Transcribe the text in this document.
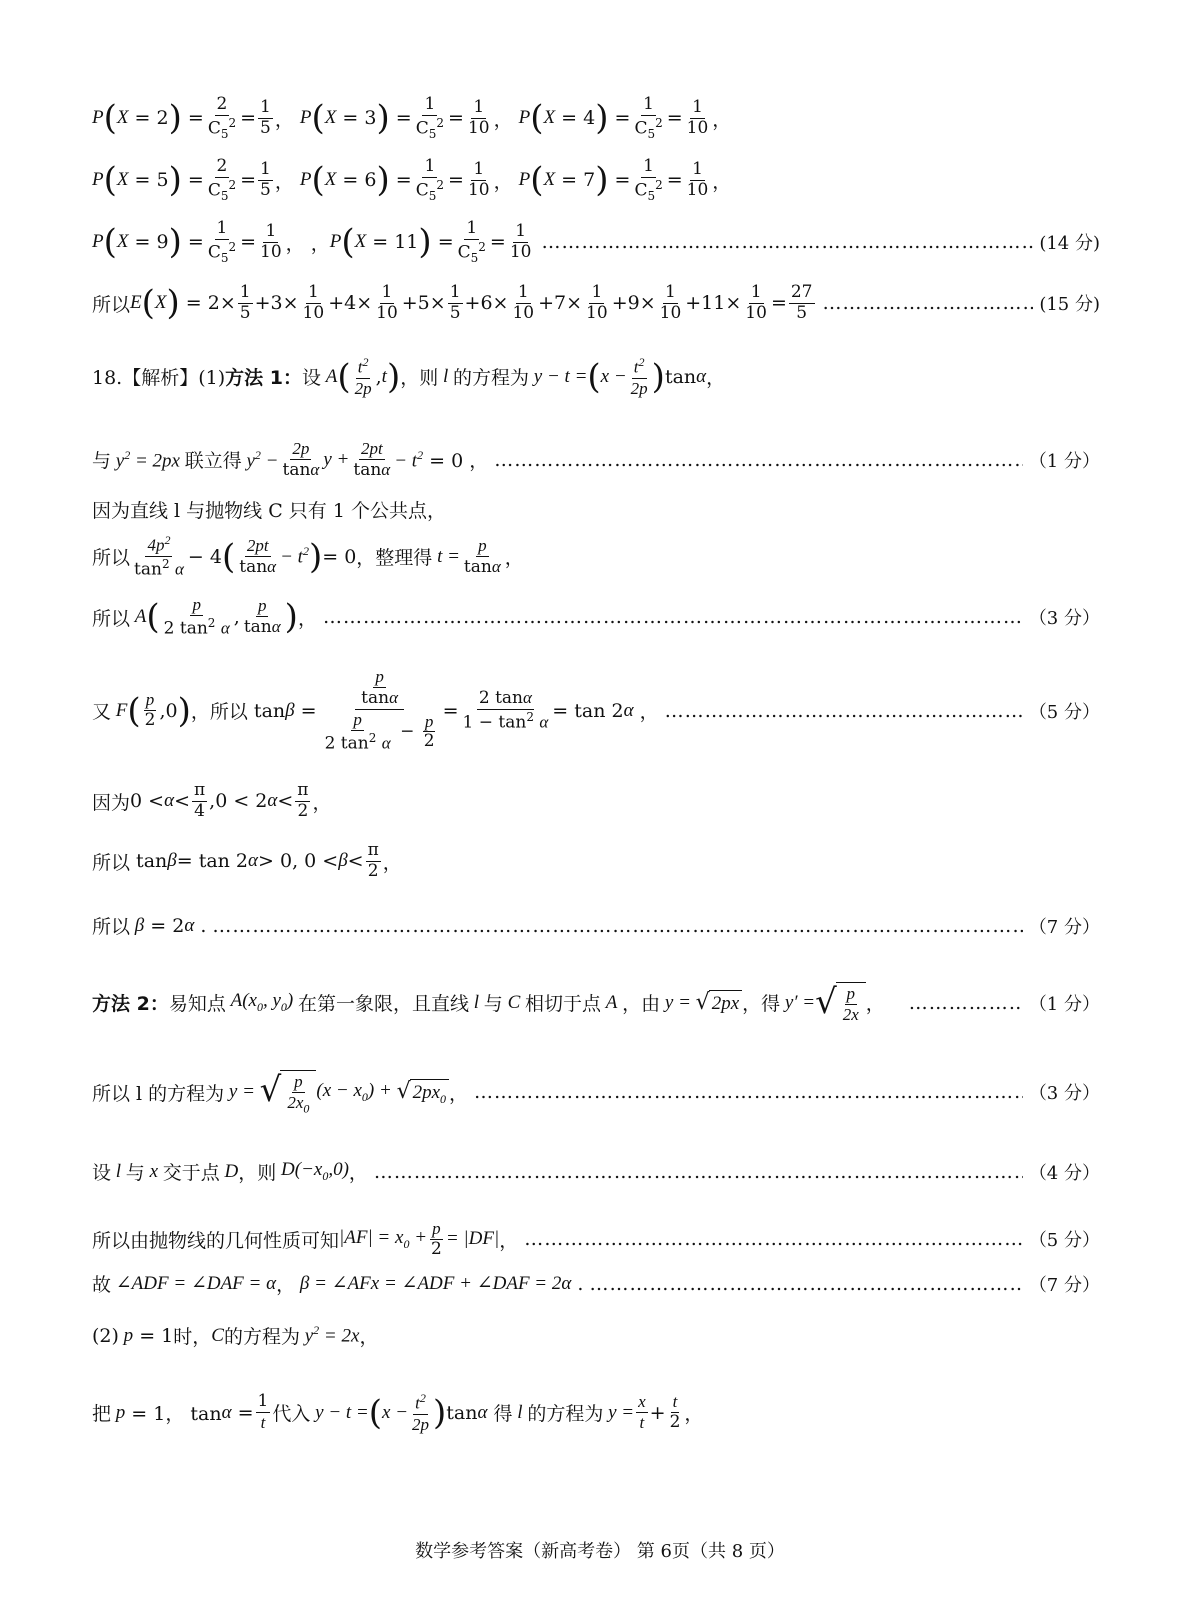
P ( X = 2 ) =
2
$C_5^2$ =
1
5 ， P ( X = 3 ) =
1
$C_5^2$ =
1
10 ， P ( X = 4 ) =
1
$C_5^2$ =
1
10 ，
P ( X = 5 ) =
2
$C_5^2$ =
1
5 ， P ( X = 6 ) =
1
$C_5^2$ =
1
10 ， P ( X = 7 ) =
1
$C_5^2$ =
1
10 ，
P ( X = 9 ) =
1
$C_5^2$ =
1
10 ， ， P ( X = 11 ) =
1
$C_5^2$ =
1
10 ………………………………………………………………………………………………………………………………………………………………………………………………	(14 分)
所以 E ( X ) = 2×
1
5 +3×
1
10 +4×
1
10 +5×
1
5 +6×
1
10 +7×
1
10 +9×
1
10 +11×
1
10 =
27
5 ………………………………………………………………………………………………………………………………………………………………………………………………	(15 分)
18.【解析】(1) 方法 1： 设 A ( $t^2$
2p
, t ) ，则 l 的方程为 y − t = ( $x - \frac{t^2}{2p}$ ) tan α ，
与 $y^2 = 2px$ 联立得 $y^2 - \frac{2p}{\tan\alpha}$ $y + \frac{2pt}{\tan\alpha} - t^2 = 0$ ， ………………………………………………………………………………………………………………………………………………………………………………………………	（1 分）
因为直线 l 与抛物线 C 只有 1 个公共点，
所以
$4p^2$
$\tan^2 \alpha$
− 4 ( 2pt
$\tan\alpha - t^2$ ) = 0 ，整理得 $t = \frac{p}{\tan\alpha}$ ，
所以 A ( p
2 $\tan^2 \alpha$ ,
p
tanα ) ， ………………………………………………………………………………………………………………………………………………………………………………………………	（3 分）
又 F ( p
2 ,0 ) ，所以 tan β =
$\frac{p}{\tan\alpha}$
$\frac{p}{2 \tan^2 \alpha} - \frac{p}{2}$
=
2 tanα
$1 - \tan^2 \alpha$
= tan 2 α ， ………………………………………………………………………………………………………………………………………………………………………………………………	（5 分）
因为 0 < α <
π
4 ,0 < 2 α <
π
2 ，
所以 tan β = tan 2 α > 0, 0 < β <
π
2 ，
所以 β = 2 α . ………………………………………………………………………………………………………………………………………………………………………………………………	（7 分）
方法 2： 易知点 $A(x_0$, $y_0$) 在第一象限，且直线 l 与 C 相切于点 A ，由 y = √ 2px ，得 y′ = √ $\frac{p}{2x}$ ， ………………………………………………………………………………………………………………………………………………………………………………………………	（1 分）
所以 l 的方程为 y = √ $\frac{p}{2x_0} (x - x_0)$ + √ $2px_0$ ， ………………………………………………………………………………………………………………………………………………………………………………………………	（3 分）
设 l 与 x 交于点 D ，则 $D(-x_0,0)$ ， ………………………………………………………………………………………………………………………………………………………………………………………………	（4 分）
所以由抛物线的几何性质可知 $|AF| = x_0 + \frac{p}{2} = |DF|$ ， ………………………………………………………………………………………………………………………………………………………………………………………………	（5 分）
故 ∠ADF = ∠DAF = α ， β = ∠AFx = ∠ADF + ∠DAF = 2α . ………………………………………………………………………………………………………………………………………………………………………………………………	（7 分）
(2) p = 1 时， C 的方程为 $y^2 = 2x$ ，
把 p = 1， tan α =
1
t 代入 y − t = ( $x - \frac{t^2}{2p}$ ) tan α
得 l 的方程为 $y = \frac{x}{t} + t$
2 ，
数学参考答案（新高考卷） 第 6页（共 8 页）
